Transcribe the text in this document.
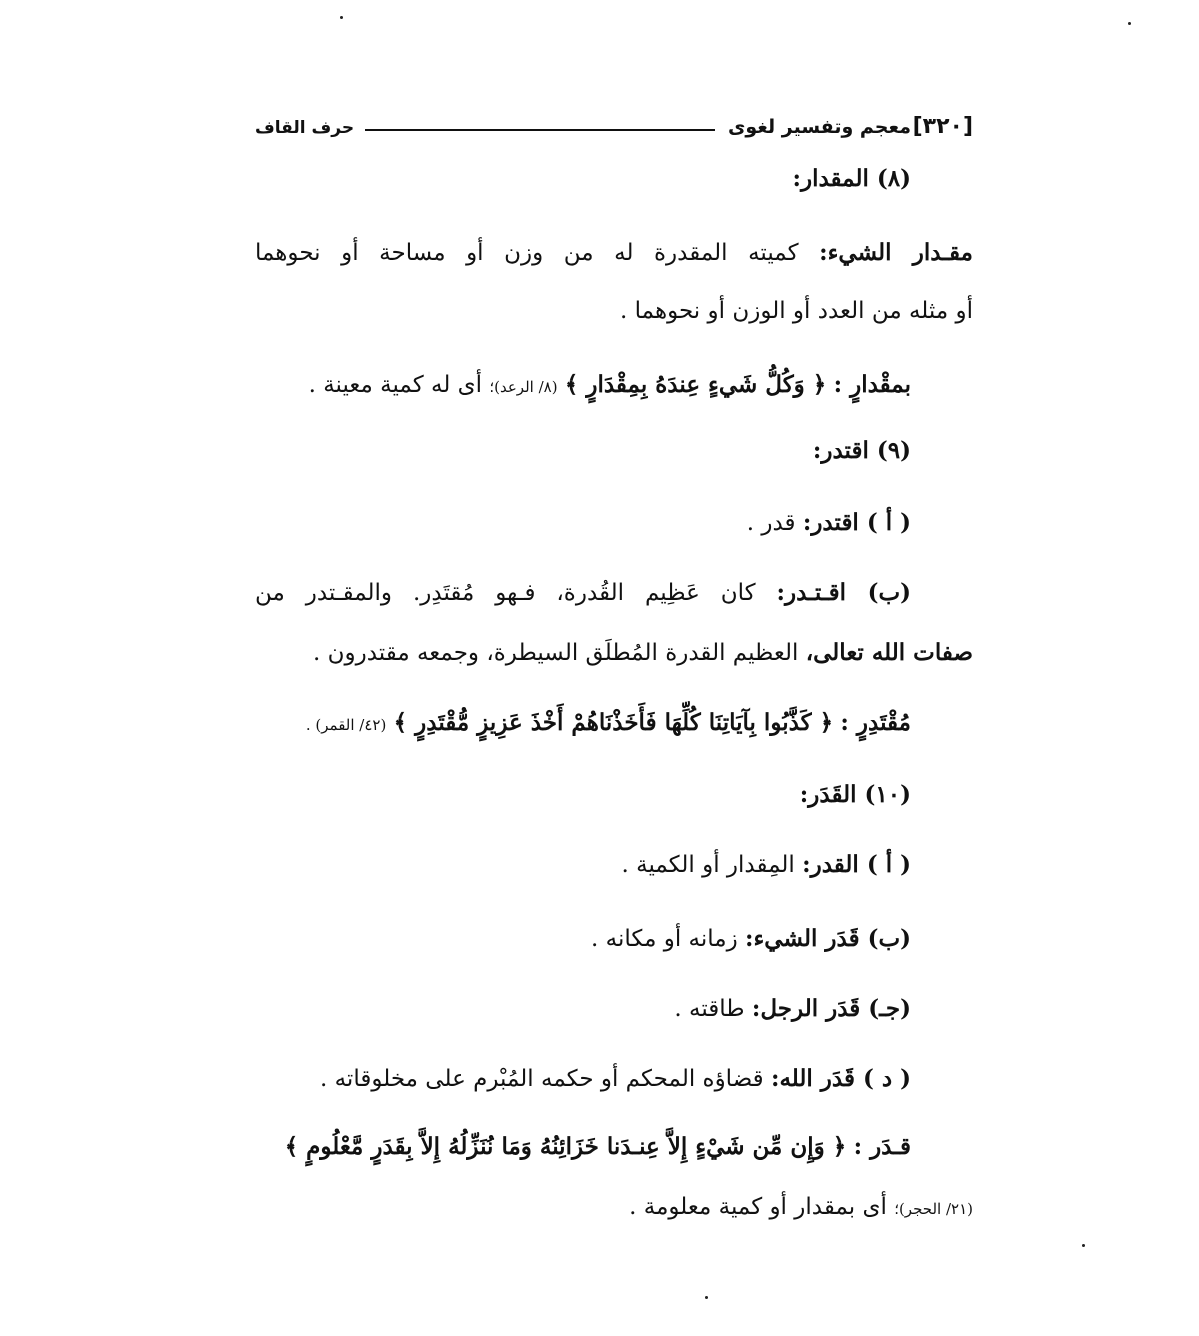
[٣٢٠]
معجم وتفسير لغوى
حرف القاف
(٨) المقدار:
مقـدار الشيء: كميته المقدرة له من وزن أو مساحة أو نحوهما
أو مثله من العدد أو الوزن أو نحوهما .
بمقْدارٍ : ﴿ وَكُلُّ شَيءٍ عِندَهُ بِمِقْدَارٍ ﴾ (٨/ الرعد)؛ أى له كمية معينة .
(٩) اقتدر:
( أ ) اقتدر: قدر .
(ب) اقـتـدر: كان عَظِيم القُدرة، فـهو مُقتَدِر. والمقـتدر من
صفات الله تعالى، العظيم القدرة المُطلَق السيطرة، وجمعه مقتدرون .
مُقْتَدِرٍ : ﴿ كَذَّبُوا بِآيَاتِنَا كُلِّهَا فَأَخَذْنَاهُمْ أَخْذَ عَزِيزٍ مُّقْتَدِرٍ ﴾ (٤٢/ القمر) .
(١٠) القَدَر:
( أ ) القدر: المِقدار أو الكمية .
(ب) قَدَر الشيء: زمانه أو مكانه .
(جـ) قَدَر الرجل: طاقته .
( د ) قَدَر الله: قضاؤه المحكم أو حكمه المُبْرم على مخلوقاته .
قـدَر : ﴿ وَإِن مِّن شَيْءٍ إِلاَّ عِنـدَنا خَزَائِنُهُ وَمَا نُنَزِّلُهُ إِلاَّ بِقَدَرٍ مَّعْلُومٍ ﴾
(٢١/ الحجر)؛ أى بمقدار أو كمية معلومة .
